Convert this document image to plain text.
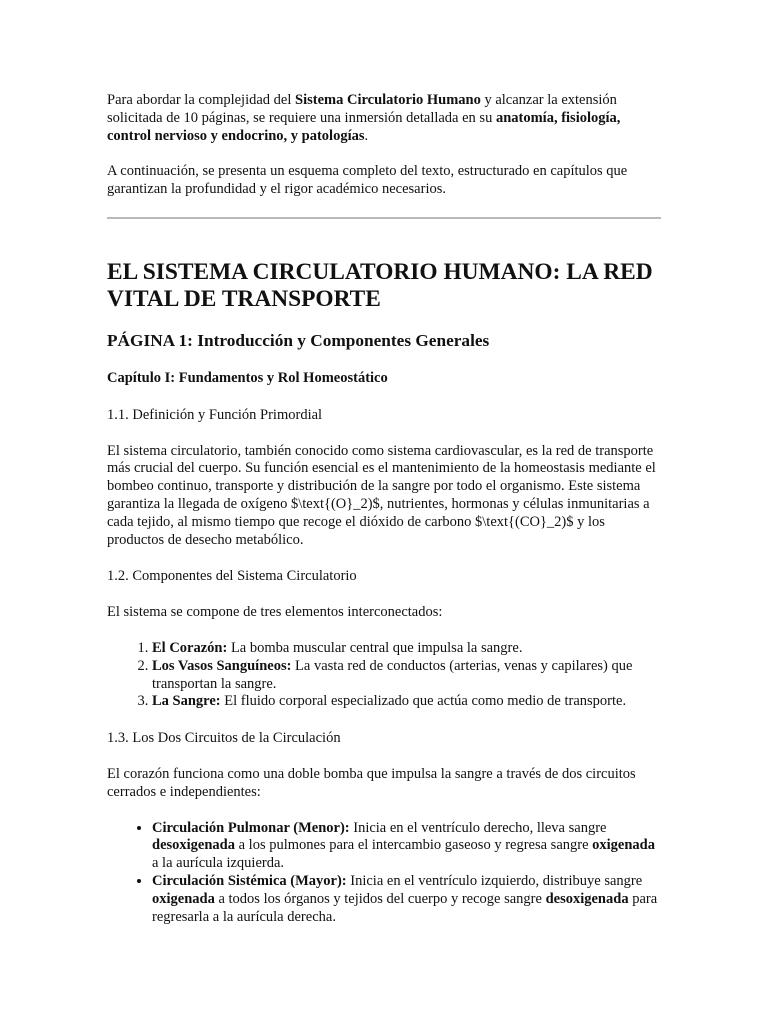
Para abordar la complejidad del Sistema Circulatorio Humano y alcanzar la extensión solicitada de 10 páginas, se requiere una inmersión detallada en su anatomía, fisiología, control nervioso y endocrino, y patologías.

A continuación, se presenta un esquema completo del texto, estructurado en capítulos que garantizan la profundidad y el rigor académico necesarios.

EL SISTEMA CIRCULATORIO HUMANO: LA RED VITAL DE TRANSPORTE
PÁGINA 1: Introducción y Componentes Generales
Capítulo I: Fundamentos y Rol Homeostático

1.1. Definición y Función Primordial

El sistema circulatorio, también conocido como sistema cardiovascular, es la red de transporte más crucial del cuerpo. Su función esencial es el mantenimiento de la homeostasis mediante el bombeo continuo, transporte y distribución de la sangre por todo el organismo. Este sistema garantiza la llegada de oxígeno $\text{(O}_2)$, nutrientes, hormonas y células inmunitarias a cada tejido, al mismo tiempo que recoge el dióxido de carbono $\text{(CO}_2)$ y los productos de desecho metabólico.

1.2. Componentes del Sistema Circulatorio

El sistema se compone de tres elementos interconectados:

1. El Corazón: La bomba muscular central que impulsa la sangre.
2. Los Vasos Sanguíneos: La vasta red de conductos (arterias, venas y capilares) que transportan la sangre.
3. La Sangre: El fluido corporal especializado que actúa como medio de transporte.

1.3. Los Dos Circuitos de la Circulación

El corazón funciona como una doble bomba que impulsa la sangre a través de dos circuitos cerrados e independientes:

• Circulación Pulmonar (Menor): Inicia en el ventrículo derecho, lleva sangre desoxigenada a los pulmones para el intercambio gaseoso y regresa sangre oxigenada a la aurícula izquierda.
• Circulación Sistémica (Mayor): Inicia en el ventrículo izquierdo, distribuye sangre oxigenada a todos los órganos y tejidos del cuerpo y recoge sangre desoxigenada para regresarla a la aurícula derecha.
